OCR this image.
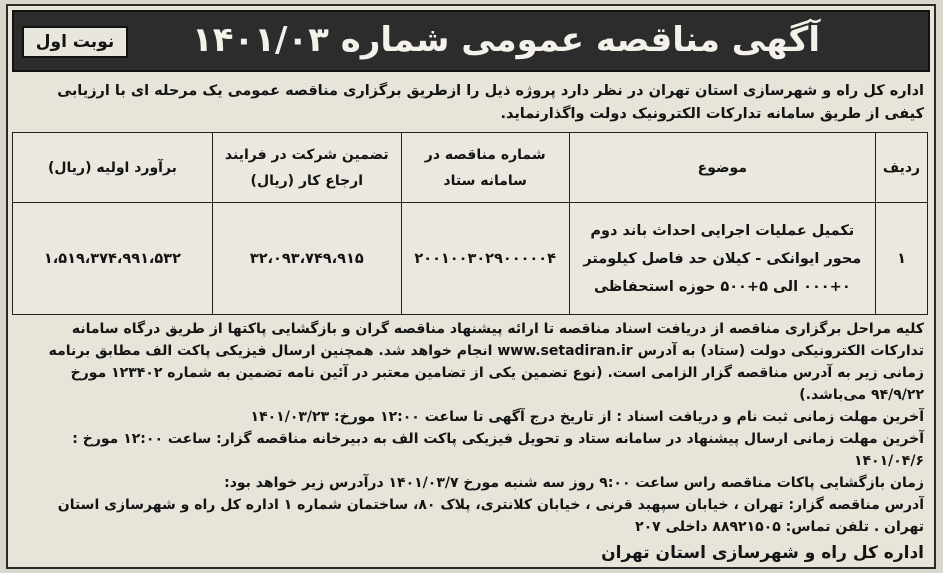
آگهی مناقصه عمومی شماره ۱۴۰۱/۰۳
نوبت اول
اداره کل راه و شهرسازی استان تهران در نظر دارد پروژه ذیل را ازطریق برگزاری مناقصه عمومی یک مرحله ای با ارزیابی کیفی از طریق سامانه تدارکات الکترونیک دولت واگذارنماید.
ردیف	موضوع	شماره مناقصه در سامانه ستاد	تضمین شرکت در فرایند ارجاع کار (ریال)	برآورد اولیه (ریال)
۱	تکمیل عملیات اجرایی احداث باند دوم محور ایوانکی - کیلان حد فاصل کیلومتر ۰+۰۰۰ الی ۵+۵۰۰ حوزه استحفاظی	۲۰۰۱۰۰۳۰۲۹۰۰۰۰۰۴	۳۲،۰۹۳،۷۴۹،۹۱۵	۱،۵۱۹،۳۷۴،۹۹۱،۵۳۲

کلیه مراحل برگزاری مناقصه از دریافت اسناد مناقصه تا ارائه پیشنهاد مناقصه گران و بازگشایی پاکتها از طریق درگاه سامانه تدارکات الکترونیکی دولت (ستاد) به آدرس www.setadiran.ir انجام خواهد شد. همچنین ارسال فیزیکی پاکت الف مطابق برنامه زمانی زیر به آدرس مناقصه گزار الزامی است. (نوع تضمین یکی از تضامین معتبر در آئین نامه تضمین به شماره ۱۲۳۴۰۲ مورخ ۹۴/۹/۲۲ می‌باشد.)

آخرین مهلت زمانی ثبت نام و دریافت اسناد : از تاریخ درج آگهی تا ساعت ۱۲:۰۰ مورخ: ۱۴۰۱/۰۳/۲۳

آخرین مهلت زمانی ارسال پیشنهاد در سامانه ستاد و تحویل فیزیکی پاکت الف به دبیرخانه مناقصه گزار: ساعت ۱۲:۰۰ مورخ : ۱۴۰۱/۰۴/۶

زمان بازگشایی پاکات مناقصه راس ساعت ۹:۰۰ روز سه شنبه مورخ ۱۴۰۱/۰۳/۷ درآدرس زیر خواهد بود:

آدرس مناقصه گزار: تهران ، خیابان سپهبد قرنی ، خیابان کلانتری، پلاک ۸۰، ساختمان شماره ۱ اداره کل راه و شهرسازی استان تهران . تلفن تماس: ۸۸۹۲۱۵۰۵ داخلی ۲۰۷

اداره کل راه و شهرسازی استان تهران
